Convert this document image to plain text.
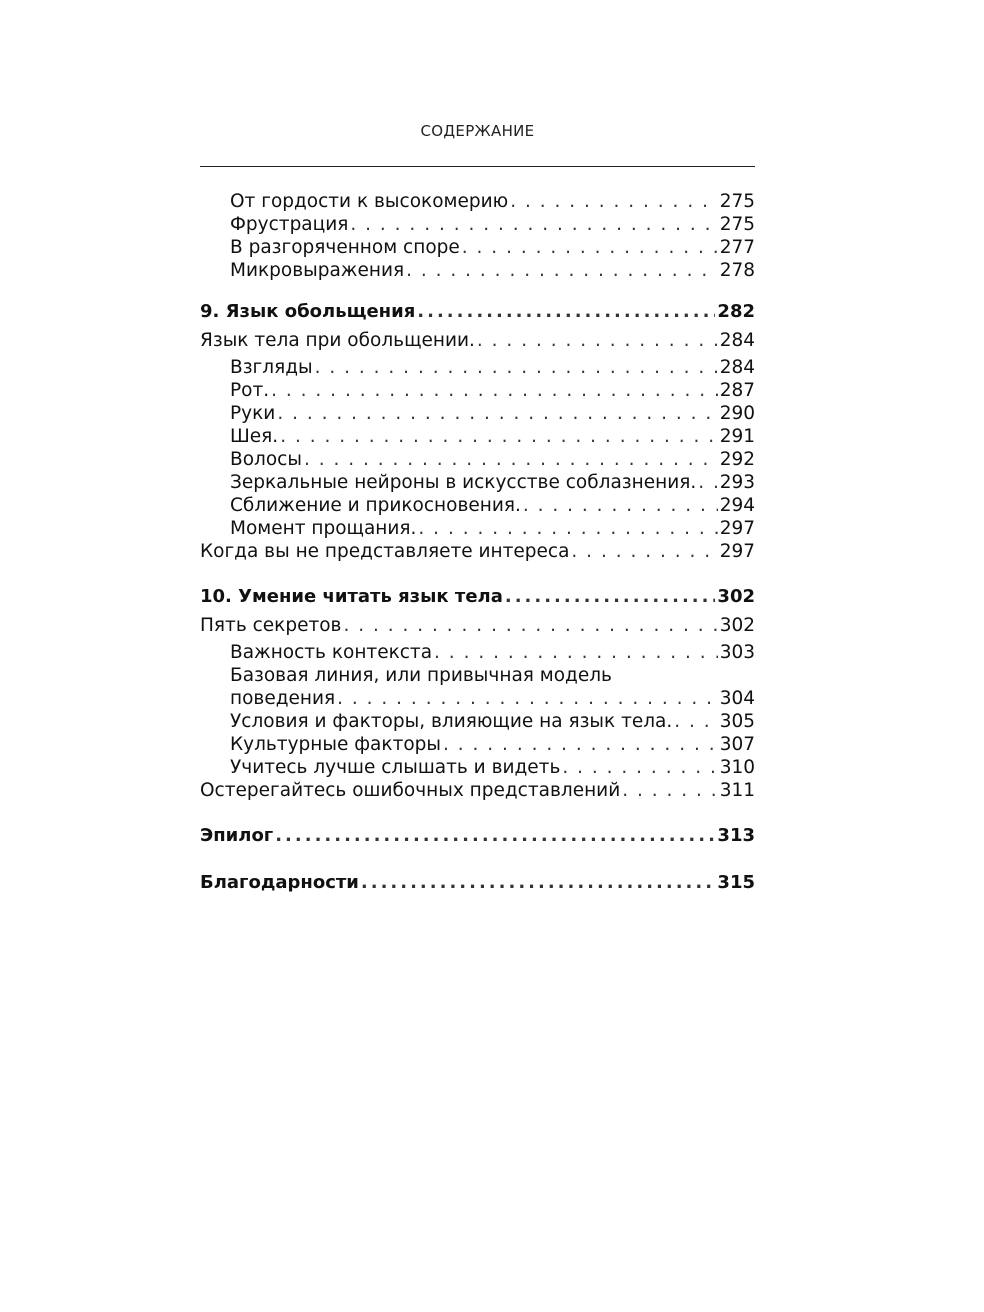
СОДЕРЖАНИЕ
От гордости к высокомерию . . .	275
Фрустрация . . .	275
В разгоряченном споре . . .	277
Микровыражения . . .	278
9. Язык обольщения .....	282
Язык тела при обольщении. . . .	284
Взгляды . . .	284
Рот. . . .	287
Руки . . .	290
Шея. . . .	291
Волосы . . .	292
Зеркальные нейроны в искусстве соблазнения. . . . 293
Сближение и прикосновения. . . .	294
Момент прощания. . . .	297
Когда вы не представляете интереса . . .	297
10. Умение читать язык тела .....	302
Пять секретов . . .	302
Важность контекста . . .	303
Базовая линия, или привычная модель
поведения . . .	304
Условия и факторы, влияющие на язык тела. . . .	305
Культурные факторы . . .	307
Учитесь лучше слышать и видеть . . .	310
Остерегайтесь ошибочных представлений . . .	311
Эпилог .....	313
Благодарности .....	315
